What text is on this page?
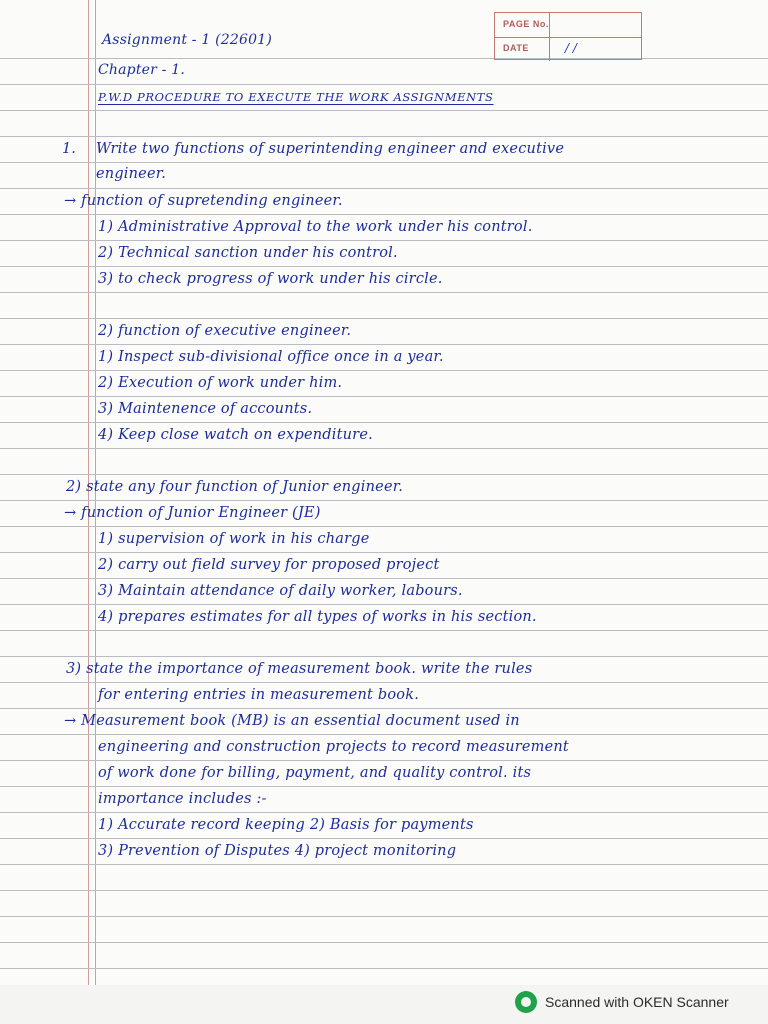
PAGE No.
DATE	/ /
Assignment - 1 (22601)
Chapter - 1.
P.W.D PROCEDURE TO EXECUTE THE WORK ASSIGNMENTS
1. Write two functions of superintending engineer and executive
engineer.
→ function of supretending engineer.
1) Administrative Approval to the work under his control.
2) Technical sanction under his control.
3) to check progress of work under his circle.
2) function of executive engineer.
1) Inspect sub-divisional office once in a year.
2) Execution of work under him.
3) Maintenence of accounts.
4) Keep close watch on expenditure.
2) state any four function of Junior engineer.
→ function of Junior Engineer (JE)
1) supervision of work in his charge
2) carry out field survey for proposed project
3) Maintain attendance of daily worker, labours.
4) prepares estimates for all types of works in his section.
3) state the importance of measurement book. write the rules
for entering entries in measurement book.
→ Measurement book (MB) is an essential document used in
engineering and construction projects to record measurement
of work done for billing, payment, and quality control. its
importance includes :-
1) Accurate record keeping 2) Basis for payments
3) Prevention of Disputes 4) project monitoring
Scanned with OKEN Scanner
